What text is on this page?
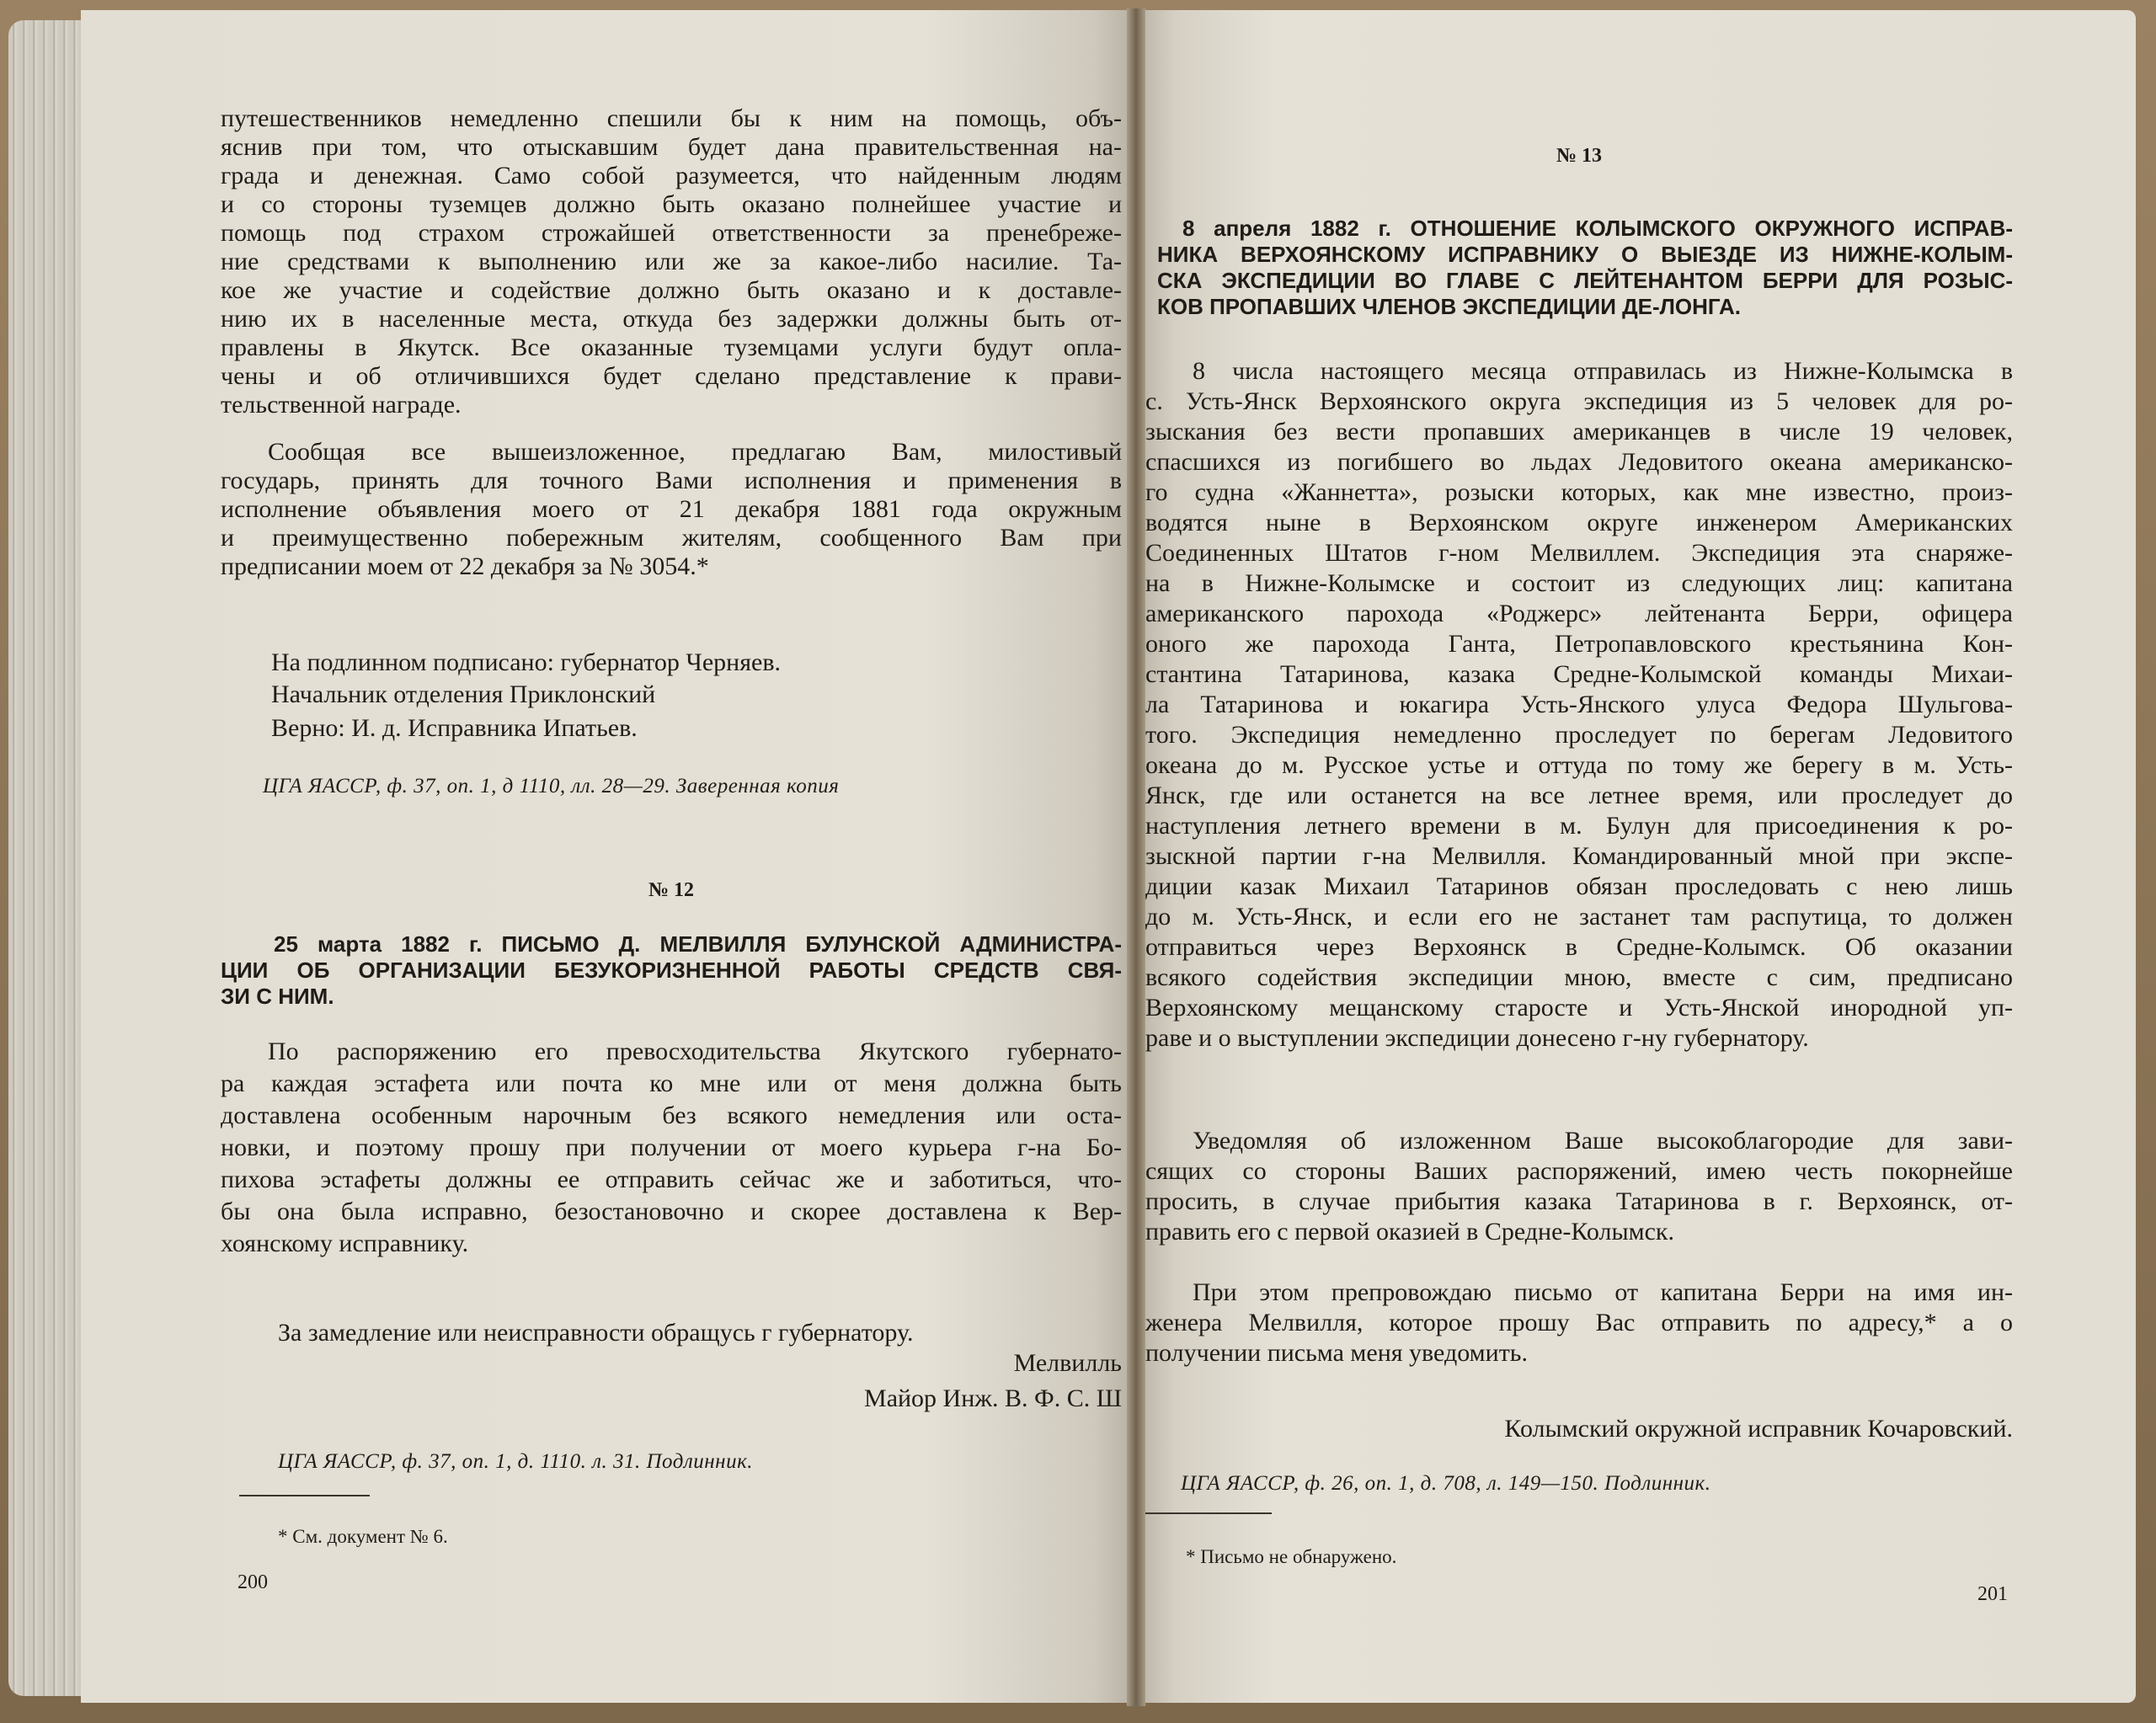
путешественников немедленно спешили бы к ним на помощь, объ-

яснив при том, что отыскавшим будет дана правительственная на-

града и денежная. Само собой разумеется, что найденным людям

и со стороны туземцев должно быть оказано полнейшее участие и

помощь под страхом строжайшей ответственности за пренебреже-

ние средствами к выполнению или же за какое-либо насилие. Та-

кое же участие и содействие должно быть оказано и к доставле-

нию их в населенные места, откуда без задержки должны быть от-

правлены в Якутск. Все оказанные туземцами услуги будут опла-

чены и об отличившихся будет сделано представление к прави-

тельственной награде.

Сообщая все вышеизложенное, предлагаю Вам, милостивый

государь, принять для точного Вами исполнения и применения в

исполнение объявления моего от 21 декабря 1881 года окружным

и преимущественно побережным жителям, сообщенного Вам при

предписании моем от 22 декабря за № 3054.*

На подлинном подписано: губернатор Черняев.

Начальник отделения Приклонский

Верно: И. д. Исправника Ипатьев.

ЦГА ЯАССР, ф. 37, оп. 1, д 1110, лл. 28—29. Заверенная копия

№ 12

25 марта 1882 г. ПИСЬМО Д. МЕЛВИЛЛЯ БУЛУНСКОЙ АДМИНИСТРА-

ЦИИ ОБ ОРГАНИЗАЦИИ БЕЗУКОРИЗНЕННОЙ РАБОТЫ СРЕДСТВ СВЯ-

ЗИ С НИМ.

По распоряжению его превосходительства Якутского губернато-

ра каждая эстафета или почта ко мне или от меня должна быть

доставлена особенным нарочным без всякого немедления или оста-

новки, и поэтому прошу при получении от моего курьера г-на Бо-

пихова эстафеты должны ее отправить сейчас же и заботиться, что-

бы она была исправно, безостановочно и скорее доставлена к Вер-

хоянскому исправнику.

За замедление или неисправности обращусь г губернатору.

Мелвилль

Майор Инж. В. Ф. С. Ш

ЦГА ЯАССР, ф. 37, оп. 1, д. 1110. л. 31. Подлинник.

* См. документ № 6.

200

№ 13

8 апреля 1882 г. ОТНОШЕНИЕ КОЛЫМСКОГО ОКРУЖНОГО ИСПРАВ-

НИКА ВЕРХОЯНСКОМУ ИСПРАВНИКУ О ВЫЕЗДЕ ИЗ НИЖНЕ-КОЛЫМ-

СКА ЭКСПЕДИЦИИ ВО ГЛАВЕ С ЛЕЙТЕНАНТОМ БЕРРИ ДЛЯ РОЗЫС-

КОВ ПРОПАВШИХ ЧЛЕНОВ ЭКСПЕДИЦИИ ДЕ-ЛОНГА.

8 числа настоящего месяца отправилась из Нижне-Колымска в

с. Усть-Янск Верхоянского округа экспедиция из 5 человек для ро-

зыскания без вести пропавших американцев в числе 19 человек,

спасшихся из погибшего во льдах Ледовитого океана американско-

го судна «Жаннетта», розыски которых, как мне известно, произ-

водятся ныне в Верхоянском округе инженером Американских

Соединенных Штатов г-ном Мелвиллем. Экспедиция эта снаряже-

на в Нижне-Колымске и состоит из следующих лиц: капитана

американского парохода «Роджерс» лейтенанта Берри, офицера

оного же парохода Ганта, Петропавловского крестьянина Кон-

стантина Татаринова, казака Средне-Колымской команды Михаи-

ла Татаринова и юкагира Усть-Янского улуса Федора Шульгова-

того. Экспедиция немедленно проследует по берегам Ледовитого

океана до м. Русское устье и оттуда по тому же берегу в м. Усть-

Янск, где или останется на все летнее время, или проследует до

наступления летнего времени в м. Булун для присоединения к ро-

зыскной партии г-на Мелвилля. Командированный мной при экспе-

диции казак Михаил Татаринов обязан проследовать с нею лишь

до м. Усть-Янск, и если его не застанет там распутица, то должен

отправиться через Верхоянск в Средне-Колымск. Об оказании

всякого содействия экспедиции мною, вместе с сим, предписано

Верхоянскому мещанскому старосте и Усть-Янской инородной уп-

раве и о выступлении экспедиции донесено г-ну губернатору.

Уведомляя об изложенном Ваше высокоблагородие для зави-

сящих со стороны Ваших распоряжений, имею честь покорнейше

просить, в случае прибытия казака Татаринова в г. Верхоянск, от-

править его с первой оказией в Средне-Колымск.

При этом препровождаю письмо от капитана Берри на имя ин-

женера Мелвилля, которое прошу Вас отправить по адресу,* а о

получении письма меня уведомить.

Колымский окружной исправник Кочаровский.

ЦГА ЯАССР, ф. 26, оп. 1, д. 708, л. 149—150. Подлинник.

* Письмо не обнаружено.

201
